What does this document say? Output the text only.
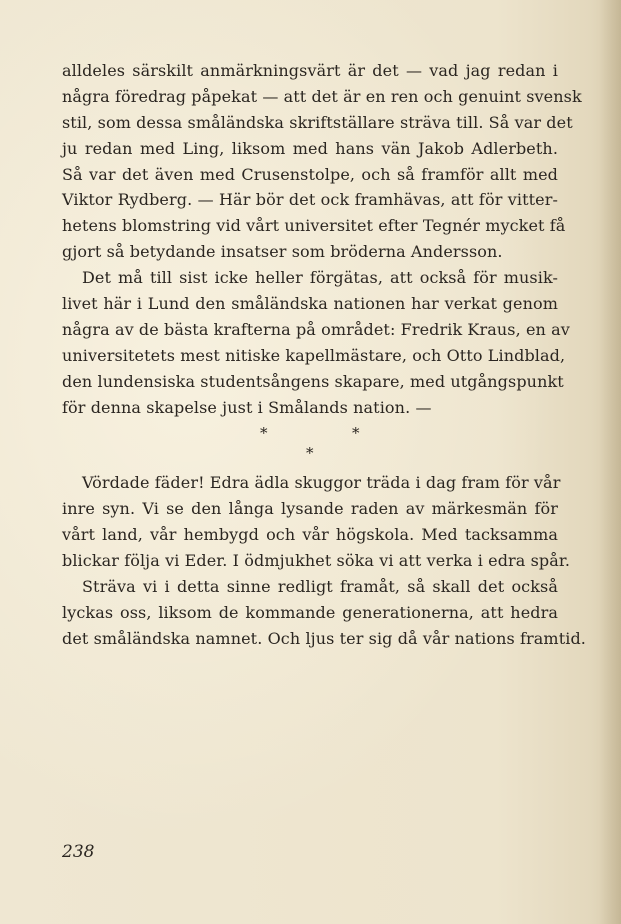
alldeles särskilt anmärkningsvärt är det — vad jag redan i
några föredrag påpekat — att det är en ren och genuint svensk
stil, som dessa småländska skriftställare sträva till. Så var det
ju redan med Ling, liksom med hans vän Jakob Adlerbeth.
Så var det även med Crusenstolpe, och så framför allt med
Viktor Rydberg. — Här bör det ock framhävas, att för vitter-
hetens blomstring vid vårt universitet efter Tegnér mycket få
gjort så betydande insatser som bröderna Andersson.
Det må till sist icke heller förgätas, att också för musik-
livet här i Lund den småländska nationen har verkat genom
några av de bästa krafterna på området: Fredrik Kraus, en av
universitetets mest nitiske kapellmästare, och Otto Lindblad,
den lundensiska studentsångens skapare, med utgångspunkt
för denna skapelse just i Smålands nation. —
*	*
*
Vördade fäder! Edra ädla skuggor träda i dag fram för vår
inre syn. Vi se den långa lysande raden av märkesmän för
vårt land, vår hembygd och vår högskola. Med tacksamma
blickar följa vi Eder. I ödmjukhet söka vi att verka i edra spår.
Sträva vi i detta sinne redligt framåt, så skall det också
lyckas oss, liksom de kommande generationerna, att hedra
det småländska namnet. Och ljus ter sig då vår nations framtid.
238
